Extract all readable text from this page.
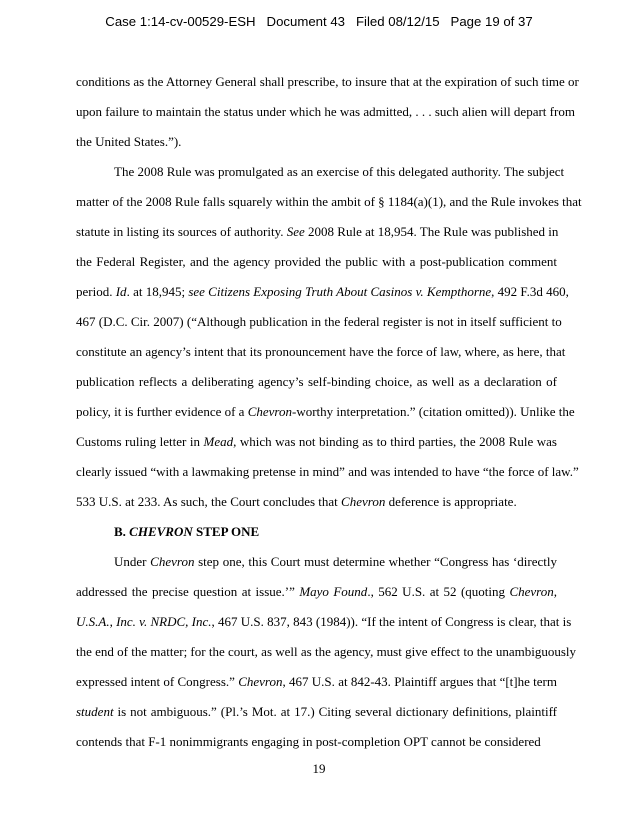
Case 1:14-cv-00529-ESH   Document 43   Filed 08/12/15   Page 19 of 37
conditions as the Attorney General shall prescribe, to insure that at the expiration of such time or
upon failure to maintain the status under which he was admitted, . . . such alien will depart from
the United States.”).
The 2008 Rule was promulgated as an exercise of this delegated authority. The subject
matter of the 2008 Rule falls squarely within the ambit of § 1184(a)(1), and the Rule invokes that
statute in listing its sources of authority. See 2008 Rule at 18,954. The Rule was published in
the Federal Register, and the agency provided the public with a post-publication comment
period. Id. at 18,945; see Citizens Exposing Truth About Casinos v. Kempthorne, 492 F.3d 460,
467 (D.C. Cir. 2007) (“Although publication in the federal register is not in itself sufficient to
constitute an agency’s intent that its pronouncement have the force of law, where, as here, that
publication reflects a deliberating agency’s self-binding choice, as well as a declaration of
policy, it is further evidence of a Chevron-worthy interpretation.” (citation omitted)). Unlike the
Customs ruling letter in Mead, which was not binding as to third parties, the 2008 Rule was
clearly issued “with a lawmaking pretense in mind” and was intended to have “the force of law.”
533 U.S. at 233. As such, the Court concludes that Chevron deference is appropriate.
B. CHEVRON STEP ONE
Under Chevron step one, this Court must determine whether “Congress has ‘directly
addressed the precise question at issue.’” Mayo Found., 562 U.S. at 52 (quoting Chevron,
U.S.A., Inc. v. NRDC, Inc., 467 U.S. 837, 843 (1984)). “If the intent of Congress is clear, that is
the end of the matter; for the court, as well as the agency, must give effect to the unambiguously
expressed intent of Congress.” Chevron, 467 U.S. at 842-43. Plaintiff argues that “[t]he term
student is not ambiguous.” (Pl.’s Mot. at 17.) Citing several dictionary definitions, plaintiff
contends that F-1 nonimmigrants engaging in post-completion OPT cannot be considered
19
